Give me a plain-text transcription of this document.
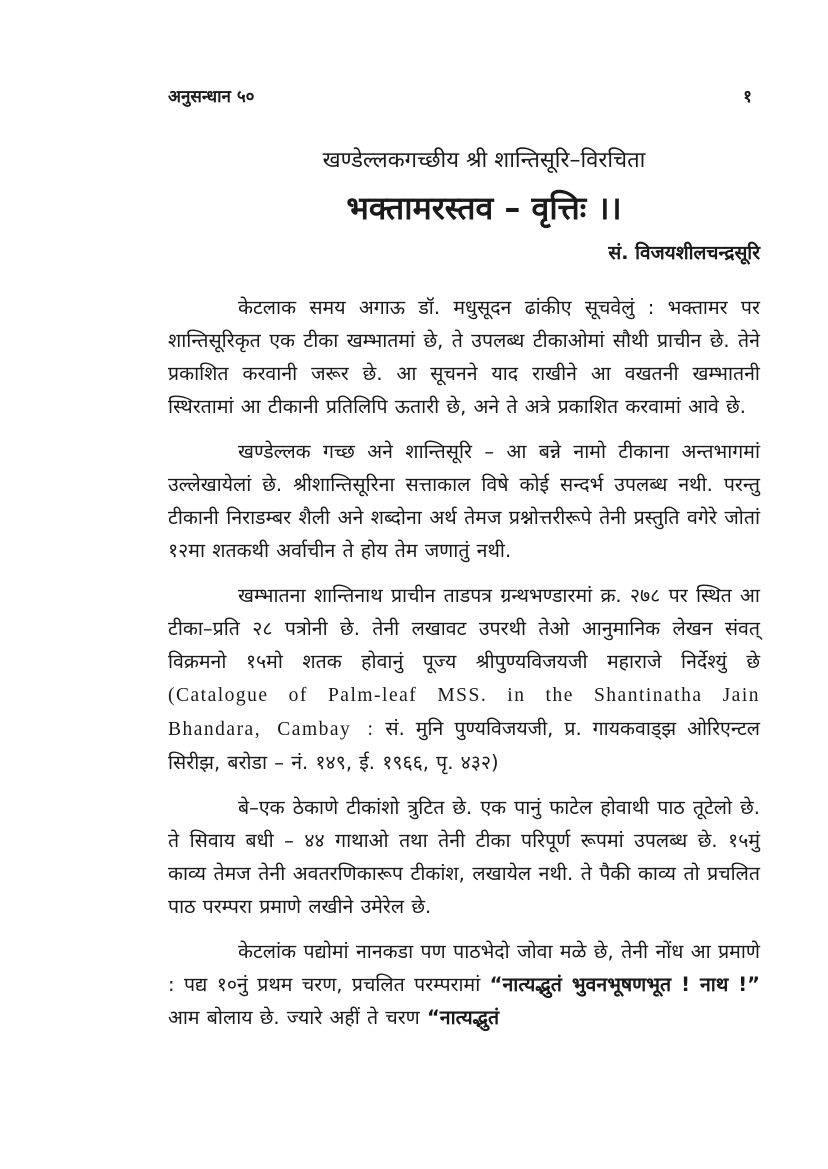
अनुसन्धान ५०	१
खण्डेल्लकगच्छीय श्री शान्तिसूरि–विरचिता
भक्तामरस्तव – वृत्तिः ।।
सं. विजयशीलचन्द्रसूरि

केटलाक समय अगाऊ डॉ. मधुसूदन ढांकीए सूचवेलुं : भक्तामर पर शान्तिसूरिकृत एक टीका खम्भातमां छे, ते उपलब्ध टीकाओमां सौथी प्राचीन छे. तेने प्रकाशित करवानी जरूर छे. आ सूचनने याद राखीने आ वखतनी खम्भातनी स्थिरतामां आ टीकानी प्रतिलिपि ऊतारी छे, अने ते अत्रे प्रकाशित करवामां आवे छे.

खण्डेल्लक गच्छ अने शान्तिसूरि – आ बन्ने नामो टीकाना अन्तभागमां उल्लेखायेलां छे. श्रीशान्तिसूरिना सत्ताकाल विषे कोई सन्दर्भ उपलब्ध नथी. परन्तु टीकानी निराडम्बर शैली अने शब्दोना अर्थ तेमज प्रश्नोत्तरीरूपे तेनी प्रस्तुति वगेरे जोतां १२मा शतकथी अर्वाचीन ते होय तेम जणातुं नथी.

खम्भातना शान्तिनाथ प्राचीन ताडपत्र ग्रन्थभण्डारमां क्र. २७८ पर स्थित आ टीका–प्रति २८ पत्रोनी छे. तेनी लखावट उपरथी तेओ आनुमानिक लेखन संवत् विक्रमनो १५मो शतक होवानुं पूज्य श्रीपुण्यविजयजी महाराजे निर्देश्युं छे (Catalogue of Palm-leaf MSS. in the Shantinatha Jain Bhandara, Cambay : सं. मुनि पुण्यविजयजी, प्र. गायकवाड्झ ओरिएन्टल सिरीझ, बरोडा – नं. १४९, ई. १९६६, पृ. ४३२)

बे–एक ठेकाणे टीकांशो त्रुटित छे. एक पानुं फाटेल होवाथी पाठ तूटेलो छे. ते सिवाय बधी – ४४ गाथाओ तथा तेनी टीका परिपूर्ण रूपमां उपलब्ध छे. १५मुं काव्य तेमज तेनी अवतरणिकारूप टीकांश, लखायेल नथी. ते पैकी काव्य तो प्रचलित पाठ परम्परा प्रमाणे लखीने उमेरेल छे.

केटलांक पद्योमां नानकडा पण पाठभेदो जोवा मळे छे, तेनी नोंध आ प्रमाणे : पद्य १०नुं प्रथम चरण, प्रचलित परम्परामां “नात्यद्भुतं भुवनभूषणभूत ! नाथ !” आम बोलाय छे. ज्यारे अहीं ते चरण “नात्यद्भुतं
